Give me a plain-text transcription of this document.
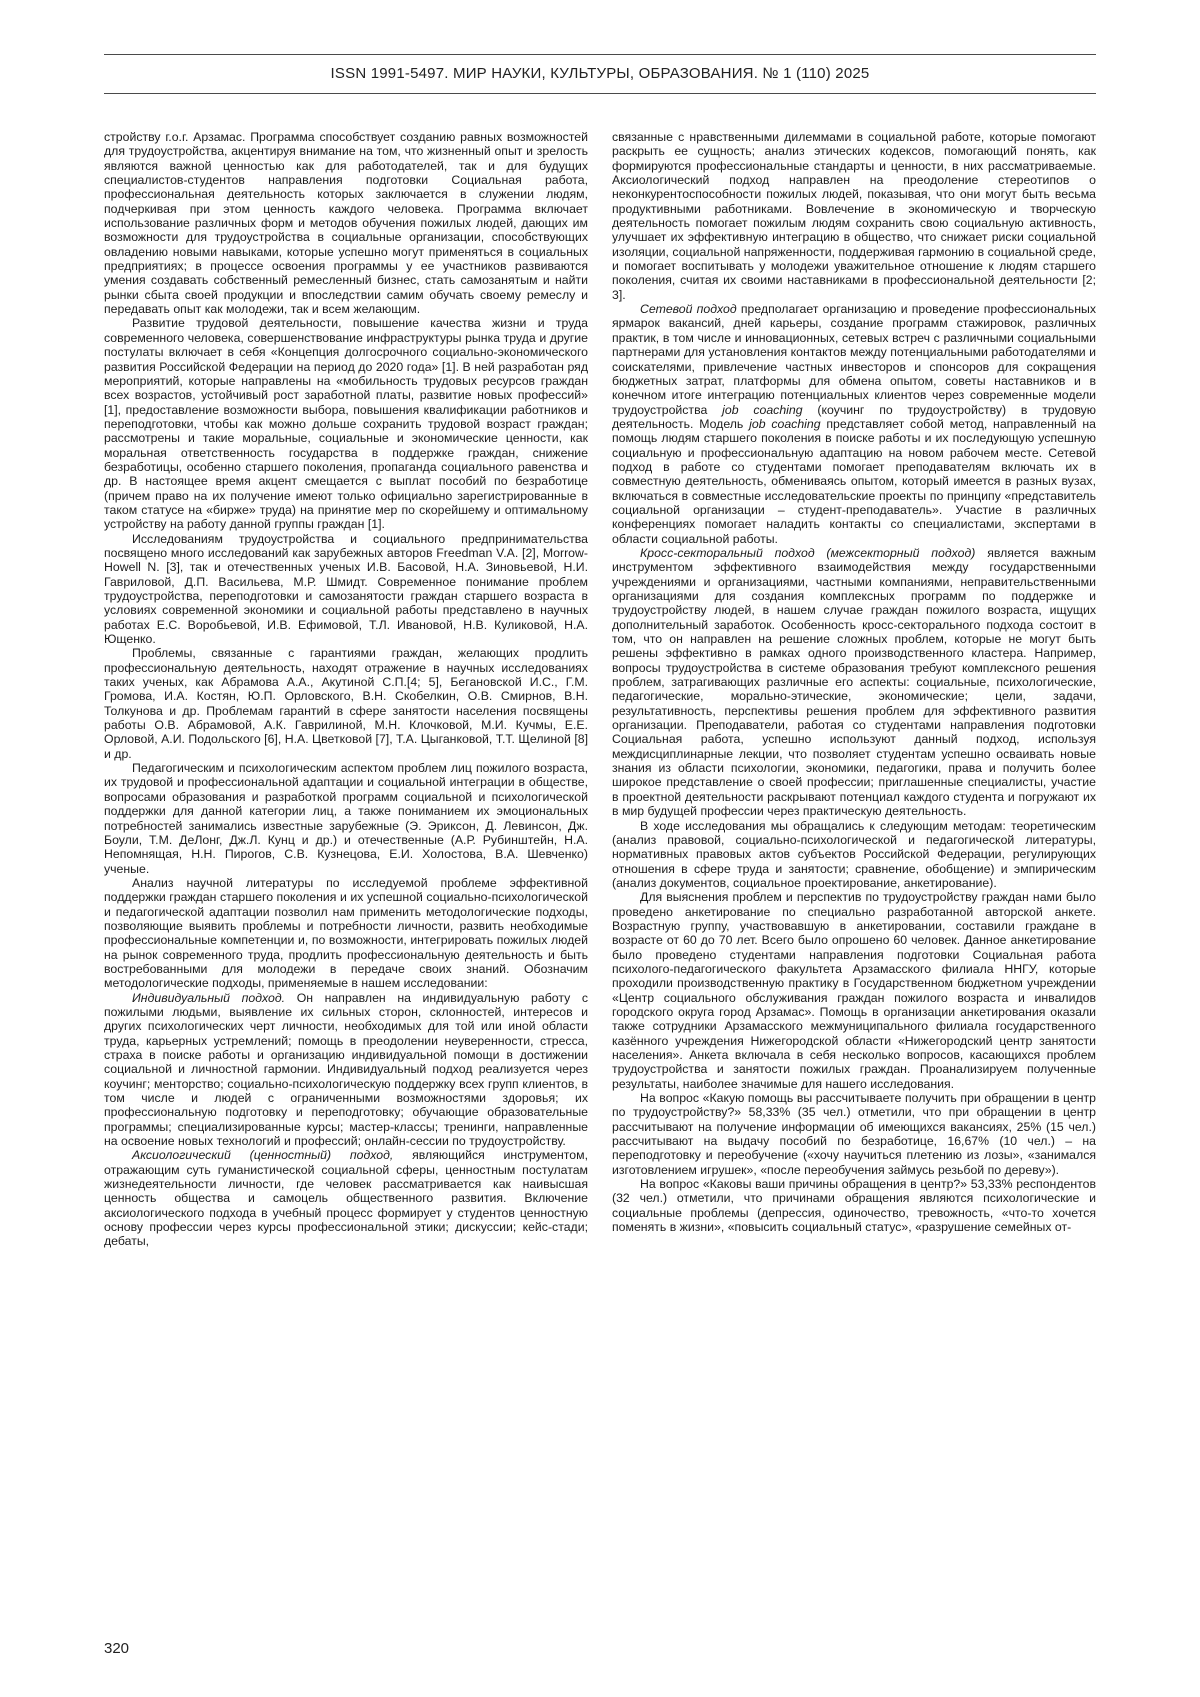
ISSN 1991-5497. МИР НАУКИ, КУЛЬТУРЫ, ОБРАЗОВАНИЯ. № 1 (110) 2025

стройству г.о.г. Арзамас. Программа способствует созданию равных возможностей для трудоустройства, акцентируя внимание на том, что жизненный опыт и зрелость являются важной ценностью как для работодателей, так и для будущих специалистов-студентов направления подготовки Социальная работа, профессиональная деятельность которых заключается в служении людям, подчеркивая при этом ценность каждого человека. Программа включает использование различных форм и методов обучения пожилых людей, дающих им возможности для трудоустройства в социальные организации, способствующих овладению новыми навыками, которые успешно могут применяться в социальных предприятиях; в процессе освоения программы у ее участников развиваются умения создавать собственный ремесленный бизнес, стать самозанятым и найти рынки сбыта своей продукции и впоследствии самим обучать своему ремеслу и передавать опыт как молодежи, так и всем желающим.

Развитие трудовой деятельности, повышение качества жизни и труда современного человека, совершенствование инфраструктуры рынка труда и другие постулаты включает в себя «Концепция долгосрочного социально-экономического развития Российской Федерации на период до 2020 года» [1]. В ней разработан ряд мероприятий, которые направлены на «мобильность трудовых ресурсов граждан всех возрастов, устойчивый рост заработной платы, развитие новых профессий» [1], предоставление возможности выбора, повышения квалификации работников и переподготовки, чтобы как можно дольше сохранить трудовой возраст граждан; рассмотрены и такие моральные, социальные и экономические ценности, как моральная ответственность государства в поддержке граждан, снижение безработицы, особенно старшего поколения, пропаганда социального равенства и др. В настоящее время акцент смещается с выплат пособий по безработице (причем право на их получение имеют только официально зарегистрированные в таком статусе на «бирже» труда) на принятие мер по скорейшему и оптимальному устройству на работу данной группы граждан [1].

Исследованиям трудоустройства и социального предпринимательства посвящено много исследований как зарубежных авторов Freedman V.A. [2], Morrow-Howell N. [3], так и отечественных ученых И.В. Басовой, Н.А. Зиновьевой, Н.И. Гавриловой, Д.П. Васильева, М.Р. Шмидт. Современное понимание проблем трудоустройства, переподготовки и самозанятости граждан старшего возраста в условиях современной экономики и социальной работы представлено в научных работах Е.С. Воробьевой, И.В. Ефимовой, Т.Л. Ивановой, Н.В. Куликовой, Н.А. Ющенко.

Проблемы, связанные с гарантиями граждан, желающих продлить профессиональную деятельность, находят отражение в научных исследованиях таких ученых, как Абрамова А.А., Акутиной С.П.[4; 5], Бегановской И.С., Г.М. Громова, И.А. Костян, Ю.П. Орловского, В.Н. Скобелкин, О.В. Смирнов, В.Н. Толкунова и др. Проблемам гарантий в сфере занятости населения посвящены работы О.В. Абрамовой, А.К. Гаврилиной, М.Н. Клочковой, М.И. Кучмы, Е.Е. Орловой, А.И. Подольского [6], Н.А. Цветковой [7], Т.А. Цыганковой, Т.Т. Щелиной [8] и др.

Педагогическим и психологическим аспектом проблем лиц пожилого возраста, их трудовой и профессиональной адаптации и социальной интеграции в обществе, вопросами образования и разработкой программ социальной и психологической поддержки для данной категории лиц, а также пониманием их эмоциональных потребностей занимались известные зарубежные (Э. Эриксон, Д. Левинсон, Дж. Боули, Т.М. ДеЛонг, Дж.Л. Кунц и др.) и отечественные (А.Р. Рубинштейн, Н.А. Непомнящая, Н.Н. Пирогов, С.В. Кузнецова, Е.И. Холостова, В.А. Шевченко) ученые.

Анализ научной литературы по исследуемой проблеме эффективной поддержки граждан старшего поколения и их успешной социально-психологической и педагогической адаптации позволил нам применить методологические подходы, позволяющие выявить проблемы и потребности личности, развить необходимые профессиональные компетенции и, по возможности, интегрировать пожилых людей на рынок современного труда, продлить профессиональную деятельность и быть востребованными для молодежи в передаче своих знаний. Обозначим методологические подходы, применяемые в нашем исследовании:

Индивидуальный подход. Он направлен на индивидуальную работу с пожилыми людьми, выявление их сильных сторон, склонностей, интересов и других психологических черт личности, необходимых для той или иной области труда, карьерных устремлений; помощь в преодолении неуверенности, стресса, страха в поиске работы и организацию индивидуальной помощи в достижении социальной и личностной гармонии. Индивидуальный подход реализуется через коучинг; менторство; социально-психологическую поддержку всех групп клиентов, в том числе и людей с ограниченными возможностями здоровья; их профессиональную подготовку и переподготовку; обучающие образовательные программы; специализированные курсы; мастер-классы; тренинги, направленные на освоение новых технологий и профессий; онлайн-сессии по трудоустройству.

Аксиологический (ценностный) подход, являющийся инструментом, отражающим суть гуманистической социальной сферы, ценностным постулатам жизнедеятельности личности, где человек рассматривается как наивысшая ценность общества и самоцель общественного развития. Включение аксиологического подхода в учебный процесс формирует у студентов ценностную основу профессии через курсы профессиональной этики; дискуссии; кейс-стади; дебаты,

связанные с нравственными дилеммами в социальной работе, которые помогают раскрыть ее сущность; анализ этических кодексов, помогающий понять, как формируются профессиональные стандарты и ценности, в них рассматриваемые. Аксиологический подход направлен на преодоление стереотипов о неконкурентоспособности пожилых людей, показывая, что они могут быть весьма продуктивными работниками. Вовлечение в экономическую и творческую деятельность помогает пожилым людям сохранить свою социальную активность, улучшает их эффективную интеграцию в общество, что снижает риски социальной изоляции, социальной напряженности, поддерживая гармонию в социальной среде, и помогает воспитывать у молодежи уважительное отношение к людям старшего поколения, считая их своими наставниками в профессиональной деятельности [2; 3].

Сетевой подход предполагает организацию и проведение профессиональных ярмарок вакансий, дней карьеры, создание программ стажировок, различных практик, в том числе и инновационных, сетевых встреч с различными социальными партнерами для установления контактов между потенциальными работодателями и соискателями, привлечение частных инвесторов и спонсоров для сокращения бюджетных затрат, платформы для обмена опытом, советы наставников и в конечном итоге интеграцию потенциальных клиентов через современные модели трудоустройства job coaching (коучинг по трудоустройству) в трудовую деятельность. Модель job coaching представляет собой метод, направленный на помощь людям старшего поколения в поиске работы и их последующую успешную социальную и профессиональную адаптацию на новом рабочем месте. Сетевой подход в работе со студентами помогает преподавателям включать их в совместную деятельность, обмениваясь опытом, который имеется в разных вузах, включаться в совместные исследовательские проекты по принципу «представитель социальной организации – студент-преподаватель». Участие в различных конференциях помогает наладить контакты со специалистами, экспертами в области социальной работы.

Кросс-секторальный подход (межсекторный подход) является важным инструментом эффективного взаимодействия между государственными учреждениями и организациями, частными компаниями, неправительственными организациями для создания комплексных программ по поддержке и трудоустройству людей, в нашем случае граждан пожилого возраста, ищущих дополнительный заработок. Особенность кросс-секторального подхода состоит в том, что он направлен на решение сложных проблем, которые не могут быть решены эффективно в рамках одного производственного кластера. Например, вопросы трудоустройства в системе образования требуют комплексного решения проблем, затрагивающих различные его аспекты: социальные, психологические, педагогические, морально-этические, экономические; цели, задачи, результативность, перспективы решения проблем для эффективного развития организации. Преподаватели, работая со студентами направления подготовки Социальная работа, успешно используют данный подход, используя междисциплинарные лекции, что позволяет студентам успешно осваивать новые знания из области психологии, экономики, педагогики, права и получить более широкое представление о своей профессии; приглашенные специалисты, участие в проектной деятельности раскрывают потенциал каждого студента и погружают их в мир будущей профессии через практическую деятельность.

В ходе исследования мы обращались к следующим методам: теоретическим (анализ правовой, социально-психологической и педагогической литературы, нормативных правовых актов субъектов Российской Федерации, регулирующих отношения в сфере труда и занятости; сравнение, обобщение) и эмпирическим (анализ документов, социальное проектирование, анкетирование).

Для выяснения проблем и перспектив по трудоустройству граждан нами было проведено анкетирование по специально разработанной авторской анкете. Возрастную группу, участвовавшую в анкетировании, составили граждане в возрасте от 60 до 70 лет. Всего было опрошено 60 человек. Данное анкетирование было проведено студентами направления подготовки Социальная работа психолого-педагогического факультета Арзамасского филиала ННГУ, которые проходили производственную практику в Государственном бюджетном учреждении «Центр социального обслуживания граждан пожилого возраста и инвалидов городского округа город Арзамас». Помощь в организации анкетирования оказали также сотрудники Арзамасского межмуниципального филиала государственного казённого учреждения Нижегородской области «Нижегородский центр занятости населения». Анкета включала в себя несколько вопросов, касающихся проблем трудоустройства и занятости пожилых граждан. Проанализируем полученные результаты, наиболее значимые для нашего исследования.

На вопрос «Какую помощь вы рассчитываете получить при обращении в центр по трудоустройству?» 58,33% (35 чел.) отметили, что при обращении в центр рассчитывают на получение информации об имеющихся вакансиях, 25% (15 чел.) рассчитывают на выдачу пособий по безработице, 16,67% (10 чел.) – на переподготовку и переобучение («хочу научиться плетению из лозы», «занимался изготовлением игрушек», «после переобучения займусь резьбой по дереву»).

На вопрос «Каковы ваши причины обращения в центр?» 53,33% респондентов (32 чел.) отметили, что причинами обращения являются психологические и социальные проблемы (депрессия, одиночество, тревожность, «что-то хочется поменять в жизни», «повысить социальный статус», «разрушение семейных от-

320
